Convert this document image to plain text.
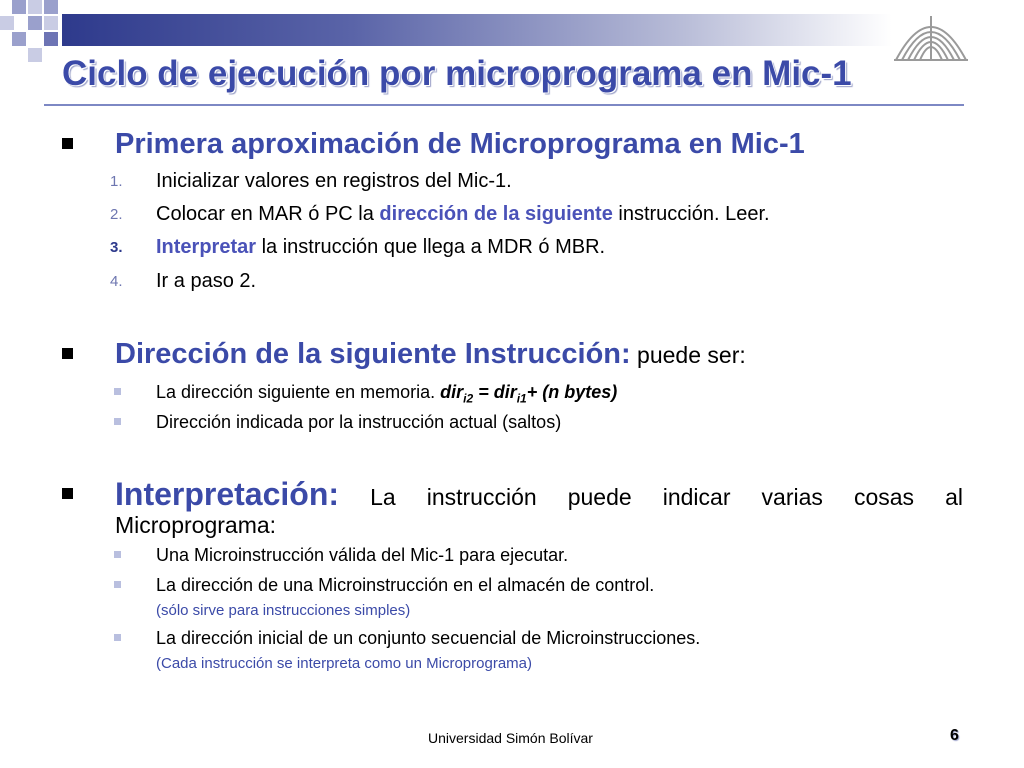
Ciclo de ejecución por microprograma en Mic-1
Primera aproximación de Microprograma en Mic-1
1.	Inicializar valores en registros del Mic-1.
2.	Colocar en MAR ó PC la dirección de la siguiente instrucción. Leer.
3.	Interpretar la instrucción que llega a MDR ó MBR.
4.	Ir a paso 2.
Dirección de la siguiente Instrucción: puede ser:
La dirección siguiente en memoria. dir$_{i2}$ = dir$_{i1}$+ (n bytes)
Dirección indicada por la instrucción actual (saltos)
Interpretación: La instrucción puede indicar varias cosas al
Microprograma:
Una Microinstrucción válida del Mic-1 para ejecutar.
La dirección de una Microinstrucción en el almacén de control.
(sólo sirve para instrucciones simples)
La dirección inicial de un conjunto secuencial de Microinstrucciones.
(Cada instrucción se interpreta como un Microprograma)
Universidad Simón Bolívar	6
